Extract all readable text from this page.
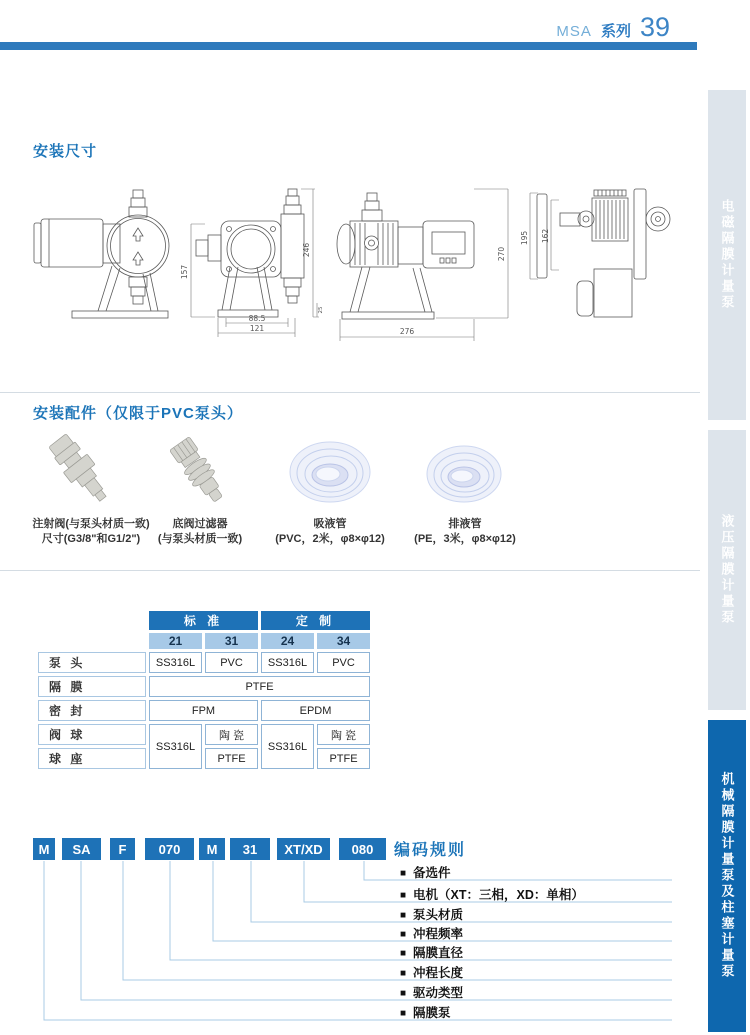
MSA 系列 39
安装尺寸
安装配件（仅限于PVC泵头）
157
246
25
88.5
121
270
276
195 162
注射阀(与泵头材质一致)
尺寸(G3/8"和G1/2")
底阀过滤器
(与泵头材质一致)
吸液管
(PVC，2米，φ8×φ12)
排液管
(PE，3米，φ8×φ12)
	标 准		定 制	
	21	31	24	34
泵 头	SS316L	PVC	SS316L	PVC
隔 膜	PTFE			
密 封	FPM		EPDM	
阀 球	SS316L	陶 瓷	SS316L	陶 瓷
球 座		PTFE		PTFE
M	SA	F	070	M	31	XT/XD	080	编码规则
■ 备选件
■ 电机（XT：三相，XD：单相）
■ 泵头材质
■ 冲程频率
■ 隔膜直径
■ 冲程长度
■ 驱动类型
■ 隔膜泵
电磁隔膜计量泵
液压隔膜计量泵
机械隔膜计量泵及柱塞计量泵
